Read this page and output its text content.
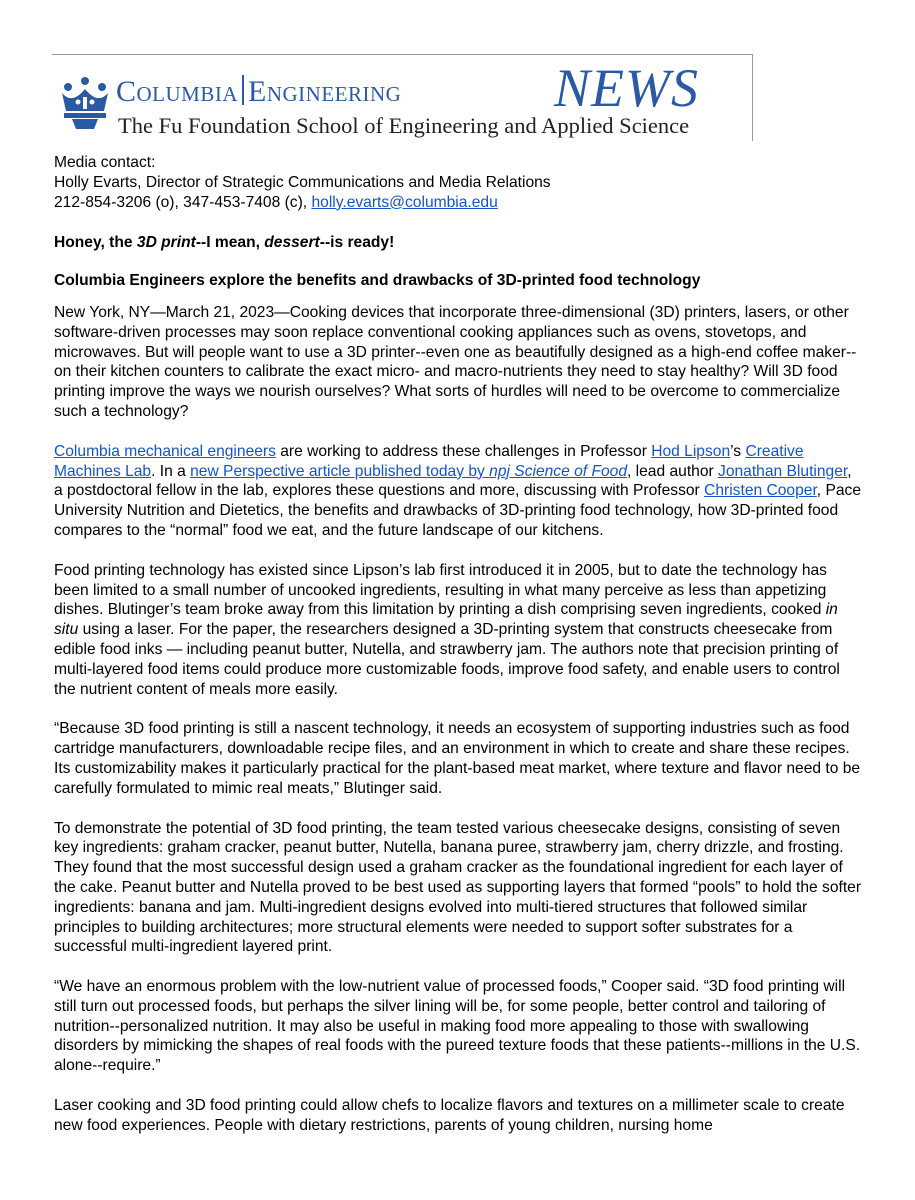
Columbia Engineering	NEWS
The Fu Foundation School of Engineering and Applied Science

Media contact:
Holly Evarts, Director of Strategic Communications and Media Relations
212-854-3206 (o), 347-453-7408 (c), holly.evarts@columbia.edu

Honey, the 3D print--I mean, dessert--is ready!

Columbia Engineers explore the benefits and drawbacks of 3D-printed food technology

New York, NY—March 21, 2023—Cooking devices that incorporate three-dimensional (3D) printers, lasers, or other software-driven processes may soon replace conventional cooking appliances such as ovens, stovetops, and microwaves. But will people want to use a 3D printer--even one as beautifully designed as a high-end coffee maker--on their kitchen counters to calibrate the exact micro- and macro-nutrients they need to stay healthy? Will 3D food printing improve the ways we nourish ourselves? What sorts of hurdles will need to be overcome to commercialize such a technology?

Columbia mechanical engineers are working to address these challenges in Professor Hod Lipson’s Creative Machines Lab. In a new Perspective article published today by npj Science of Food, lead author Jonathan Blutinger, a postdoctoral fellow in the lab, explores these questions and more, discussing with Professor Christen Cooper, Pace University Nutrition and Dietetics, the benefits and drawbacks of 3D-printing food technology, how 3D-printed food compares to the “normal” food we eat, and the future landscape of our kitchens.

Food printing technology has existed since Lipson’s lab first introduced it in 2005, but to date the technology has been limited to a small number of uncooked ingredients, resulting in what many perceive as less than appetizing dishes. Blutinger’s team broke away from this limitation by printing a dish comprising seven ingredients, cooked in situ using a laser. For the paper, the researchers designed a 3D-printing system that constructs cheesecake from edible food inks — including peanut butter, Nutella, and strawberry jam. The authors note that precision printing of multi-layered food items could produce more customizable foods, improve food safety, and enable users to control the nutrient content of meals more easily.

“Because 3D food printing is still a nascent technology, it needs an ecosystem of supporting industries such as food cartridge manufacturers, downloadable recipe files, and an environment in which to create and share these recipes. Its customizability makes it particularly practical for the plant-based meat market, where texture and flavor need to be carefully formulated to mimic real meats,” Blutinger said.

To demonstrate the potential of 3D food printing, the team tested various cheesecake designs, consisting of seven key ingredients: graham cracker, peanut butter, Nutella, banana puree, strawberry jam, cherry drizzle, and frosting. They found that the most successful design used a graham cracker as the foundational ingredient for each layer of the cake. Peanut butter and Nutella proved to be best used as supporting layers that formed “pools” to hold the softer ingredients: banana and jam. Multi-ingredient designs evolved into multi-tiered structures that followed similar principles to building architectures; more structural elements were needed to support softer substrates for a successful multi-ingredient layered print.

“We have an enormous problem with the low-nutrient value of processed foods,” Cooper said. “3D food printing will still turn out processed foods, but perhaps the silver lining will be, for some people, better control and tailoring of nutrition--personalized nutrition. It may also be useful in making food more appealing to those with swallowing disorders by mimicking the shapes of real foods with the pureed texture foods that these patients--millions in the U.S. alone--require.”

Laser cooking and 3D food printing could allow chefs to localize flavors and textures on a millimeter scale to create new food experiences. People with dietary restrictions, parents of young children, nursing home
